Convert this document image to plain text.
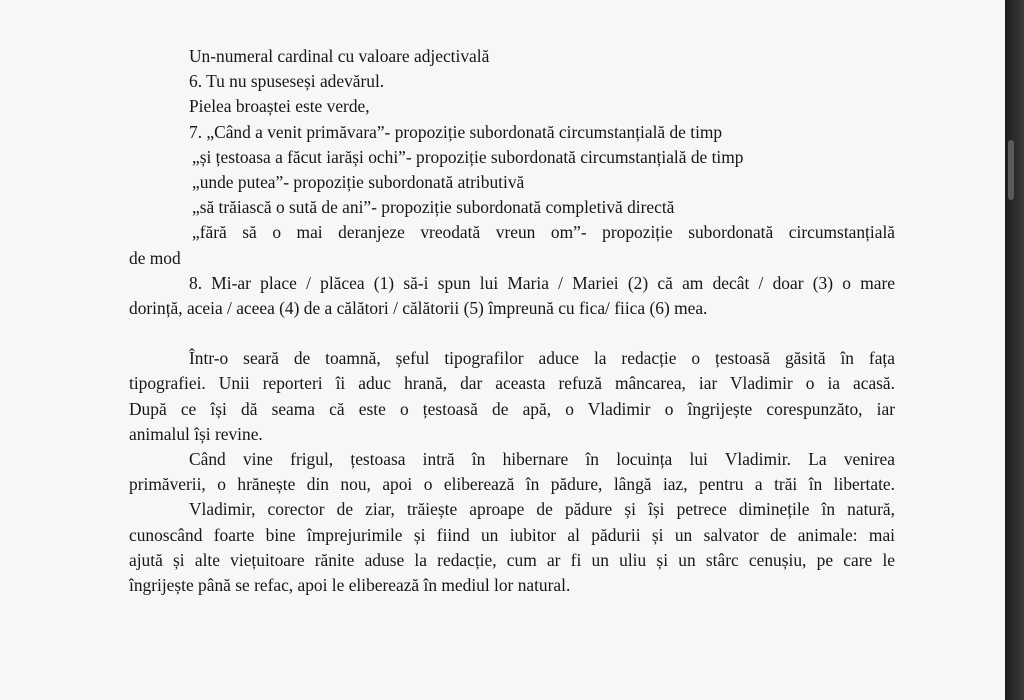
Un-numeral cardinal cu valoare adjectivală
6. Tu nu spuseseși adevărul.
Pielea broaștei este verde,
7. „Când a venit primăvara”- propoziție subordonată circumstanțială de timp
„și țestoasa a făcut iarăși ochi”- propoziție subordonată circumstanțială de timp
„unde putea”- propoziție subordonată atributivă
„să trăiască o sută de ani”- propoziție subordonată completivă directă
„fără să o mai deranjeze vreodată vreun om”- propoziție subordonată circumstanțială
de mod
8. Mi-ar place / plăcea (1) să-i spun lui Maria / Mariei (2) că am decât / doar (3) o mare
dorință, aceia / aceea (4) de a călători / călătorii (5) împreună cu fica/ fiica (6) mea.
Într-o seară de toamnă, șeful tipografilor aduce la redacție o țestoasă găsită în fața
tipografiei. Unii reporteri îi aduc hrană, dar aceasta refuză mâncarea, iar Vladimir o ia acasă.
După ce își dă seama că este o țestoasă de apă, o Vladimir o îngrijește corespunzăto, iar
animalul își revine.
Când vine frigul, țestoasa intră în hibernare în locuința lui Vladimir. La venirea
primăverii, o hrănește din nou, apoi o eliberează în pădure, lângă iaz, pentru a trăi în libertate.
Vladimir, corector de ziar, trăiește aproape de pădure și își petrece diminețile în natură,
cunoscând foarte bine împrejurimile și fiind un iubitor al pădurii și un salvator de animale: mai
ajută și alte viețuitoare rănite aduse la redacție, cum ar fi un uliu și un stârc cenușiu, pe care le
îngrijește până se refac, apoi le eliberează în mediul lor natural.
